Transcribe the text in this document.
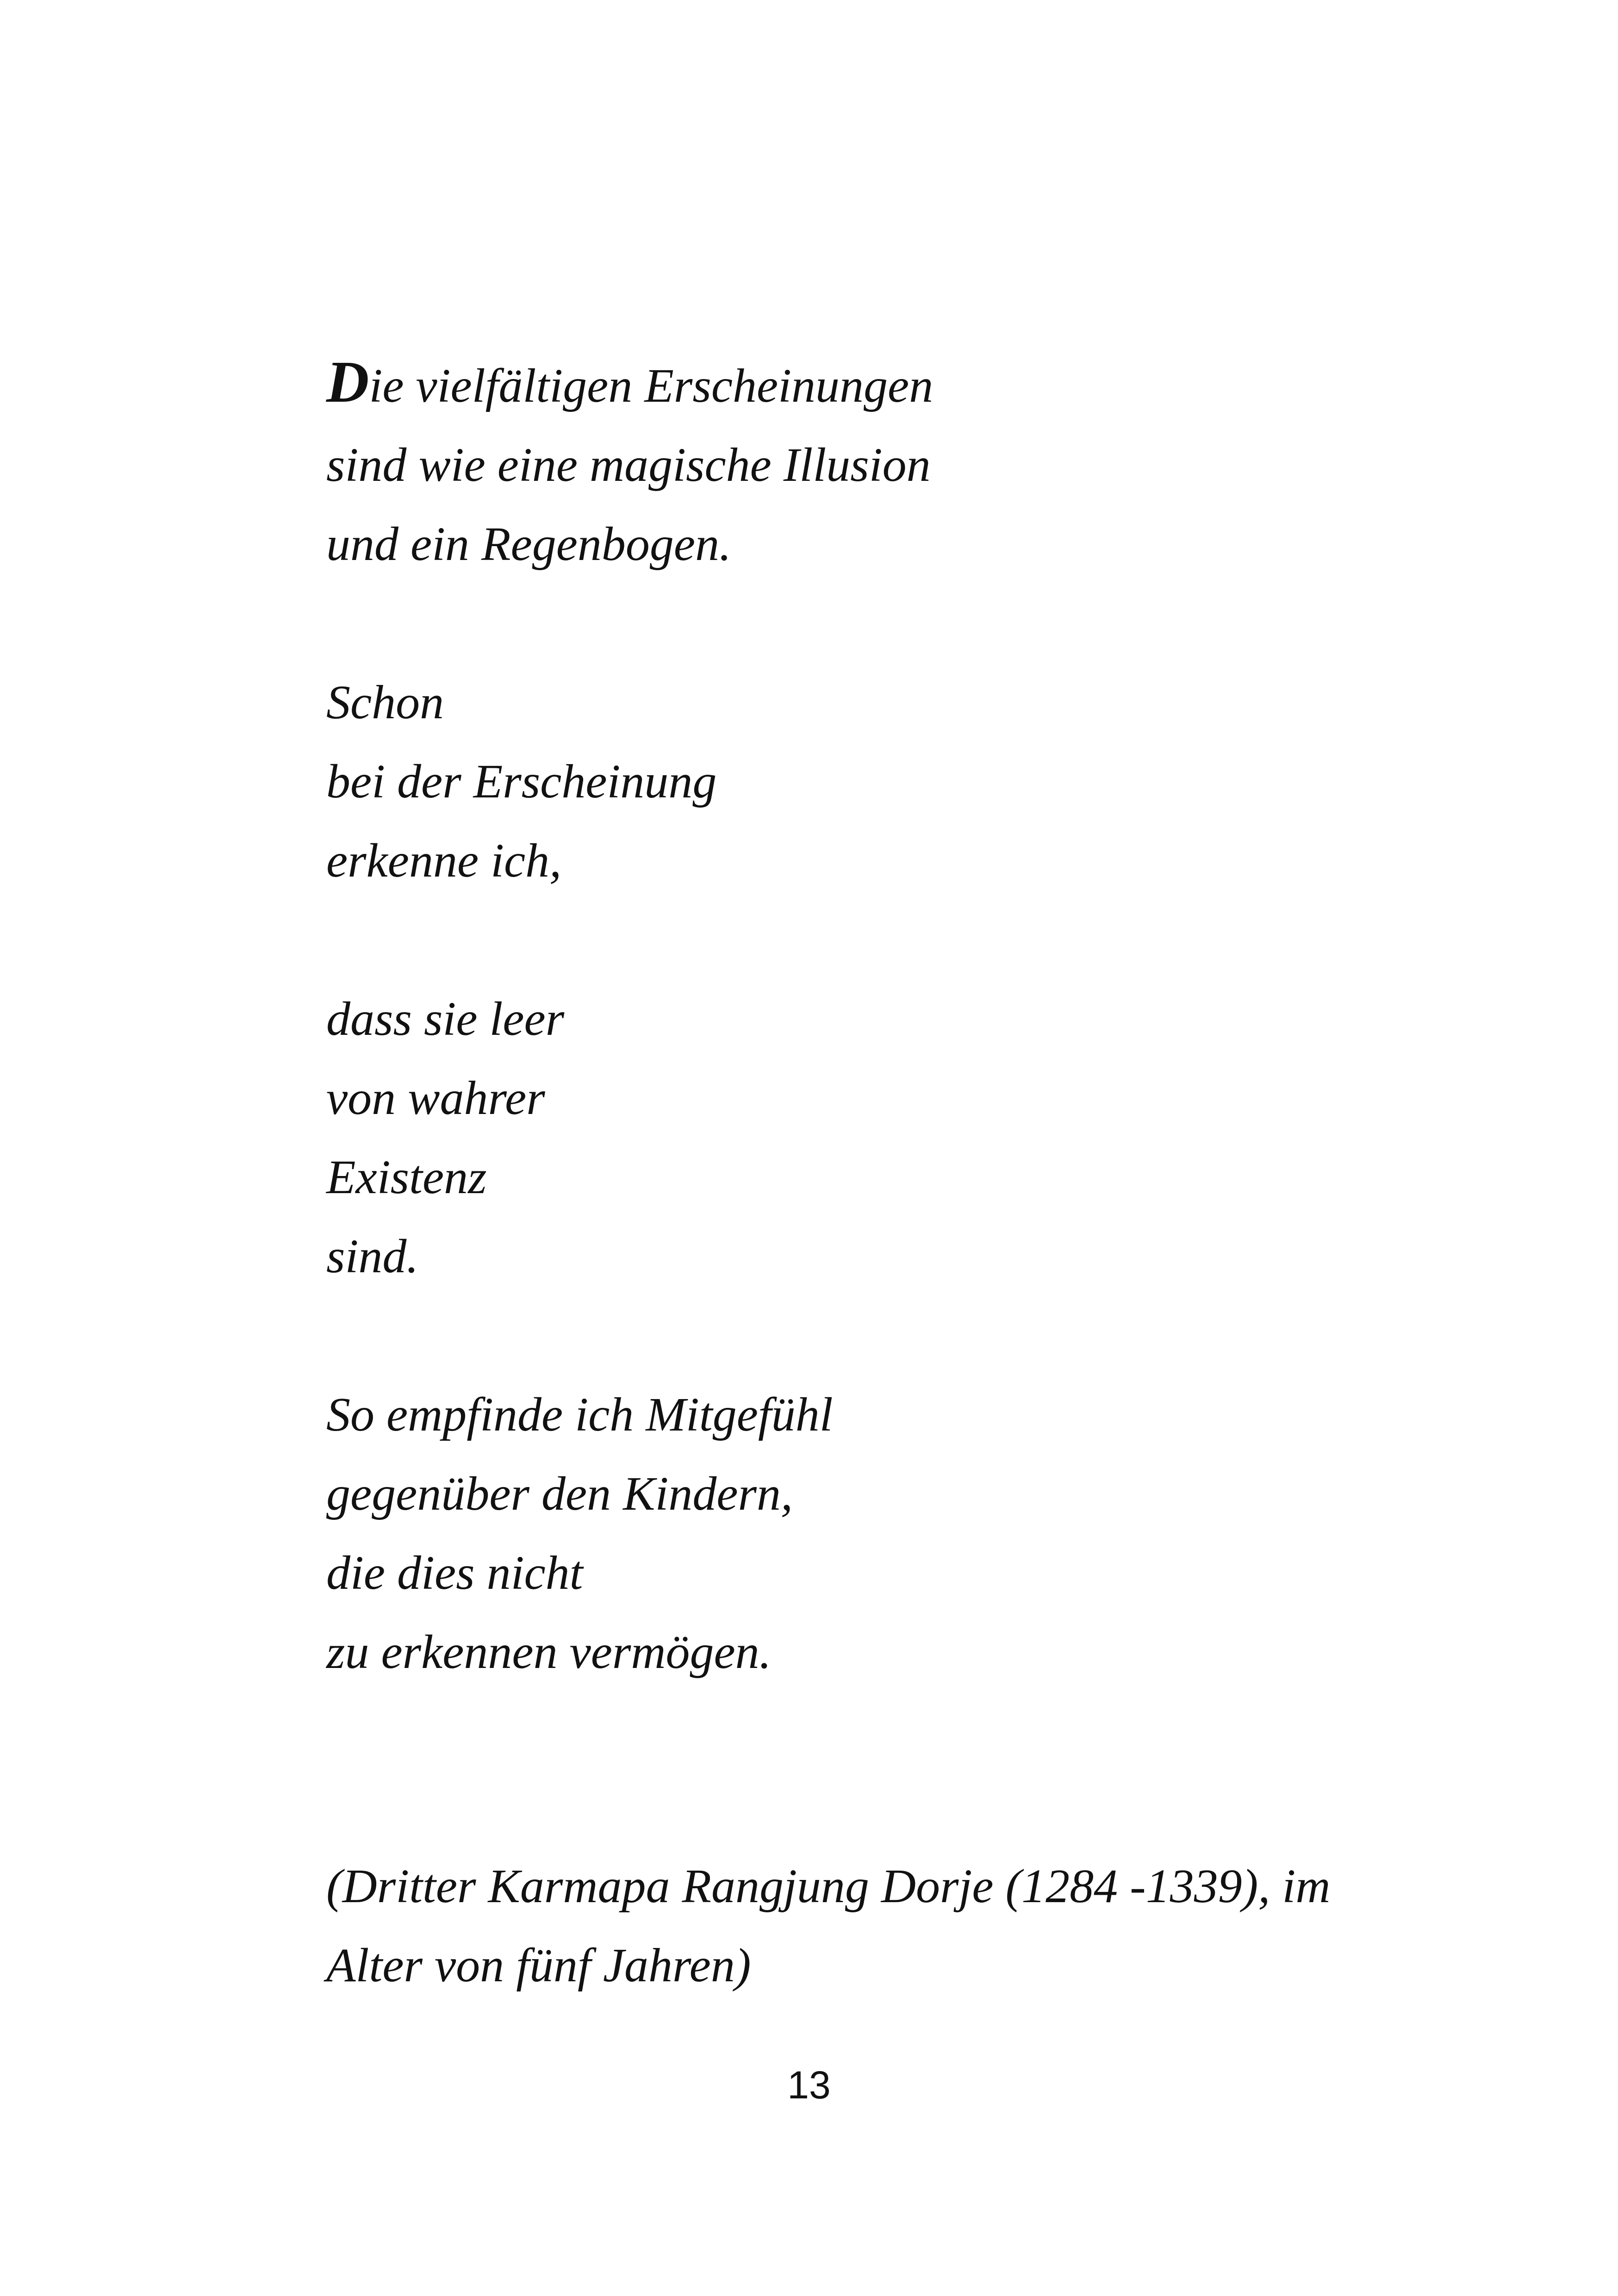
Die vielfältigen Erscheinungen
sind wie eine magische Illusion
und ein Regenbogen.
Schon
bei der Erscheinung
erkenne ich,
dass sie leer
von wahrer
Existenz
sind.
So empfinde ich Mitgefühl
gegenüber den Kindern,
die dies nicht
zu erkennen vermögen.
(Dritter Karmapa Rangjung Dorje (1284 -1339), im
Alter von fünf Jahren)
13
